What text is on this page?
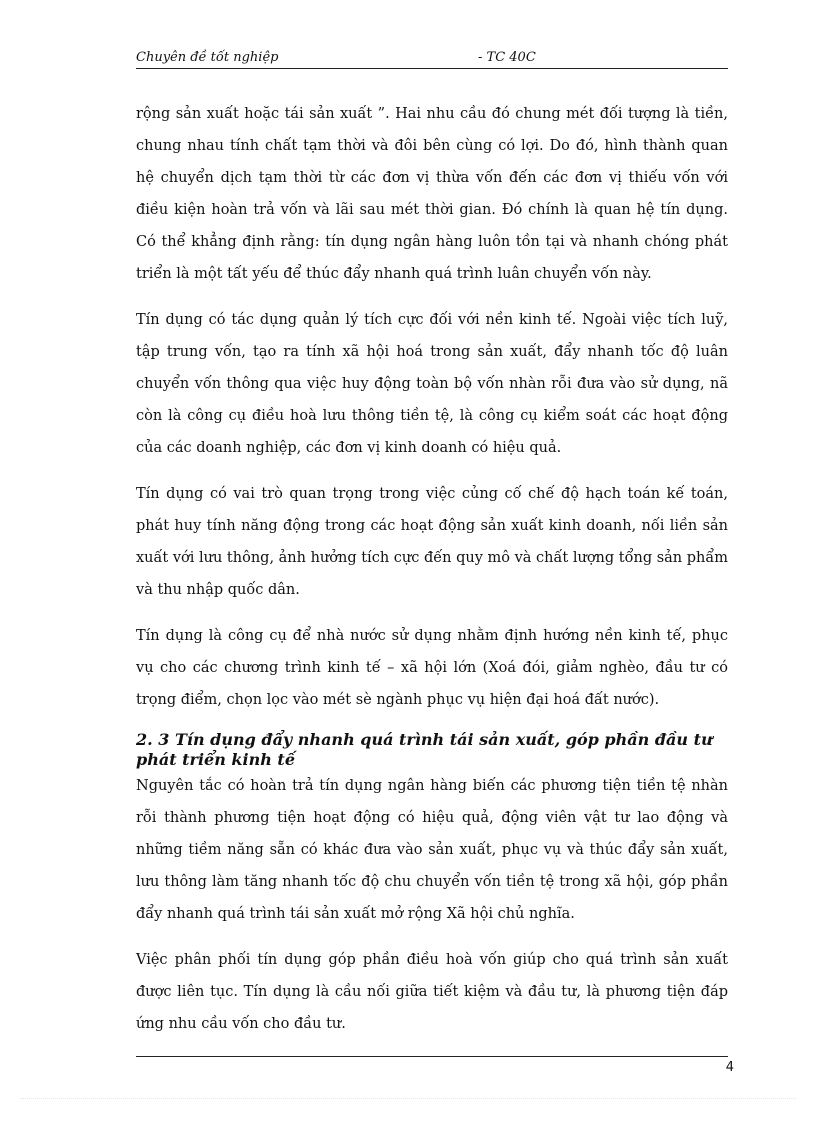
Chuyên đề tốt nghiệp	- TC 40C

rộng sản xuất hoặc tái sản xuất ”. Hai nhu cầu đó chung mét đối tượng là tiền, chung nhau tính chất tạm thời và đôi bên cùng có lợi. Do đó, hình thành quan hệ chuyển dịch tạm thời từ các đơn vị thừa vốn đến các đơn vị thiếu vốn với điều kiện hoàn trả vốn và lãi sau mét thời gian. Đó chính là quan hệ tín dụng. Có thể khẳng định rằng: tín dụng ngân hàng luôn tồn tại và nhanh chóng phát triển là một tất yếu để thúc đẩy nhanh quá trình luân chuyển vốn này.

Tín dụng có tác dụng quản lý tích cực đối với nền kinh tế. Ngoài việc tích luỹ, tập trung vốn, tạo ra tính xã hội hoá trong sản xuất, đẩy nhanh tốc độ luân chuyển vốn thông qua việc huy động toàn bộ vốn nhàn rỗi đưa vào sử dụng, nã còn là công cụ điều hoà lưu thông tiền tệ, là công cụ kiểm soát các hoạt động của các doanh nghiệp, các đơn vị kinh doanh có hiệu quả.

Tín dụng có vai trò quan trọng trong việc củng cố chế độ hạch toán kế toán, phát huy tính năng động trong các hoạt động sản xuất kinh doanh, nối liền sản xuất với lưu thông, ảnh hưởng tích cực đến quy mô và chất lượng tổng sản phẩm và thu nhập quốc dân.

Tín dụng là công cụ để nhà nước sử dụng nhằm định hướng nền kinh tế, phục vụ cho các chương trình kinh tế – xã hội lớn (Xoá đói, giảm nghèo, đầu tư có trọng điểm, chọn lọc vào mét sè ngành phục vụ hiện đại hoá đất nước).

2. 3 Tín dụng đẩy nhanh quá trình tái sản xuất, góp phần đầu tư phát triển kinh tế

Nguyên tắc có hoàn trả tín dụng ngân hàng biến các phương tiện tiền tệ nhàn rỗi thành phương tiện hoạt động có hiệu quả, động viên vật tư lao động và những tiềm năng sẵn có khác đưa vào sản xuất, phục vụ và thúc đẩy sản xuất, lưu thông làm tăng nhanh tốc độ chu chuyển vốn tiền tệ trong xã hội, góp phần đẩy nhanh quá trình tái sản xuất mở rộng Xã hội chủ nghĩa.

Việc phân phối tín dụng góp phần điều hoà vốn giúp cho quá trình sản xuất được liên tục. Tín dụng là cầu nối giữa tiết kiệm và đầu tư, là phương tiện đáp ứng nhu cầu vốn cho đầu tư.

4
